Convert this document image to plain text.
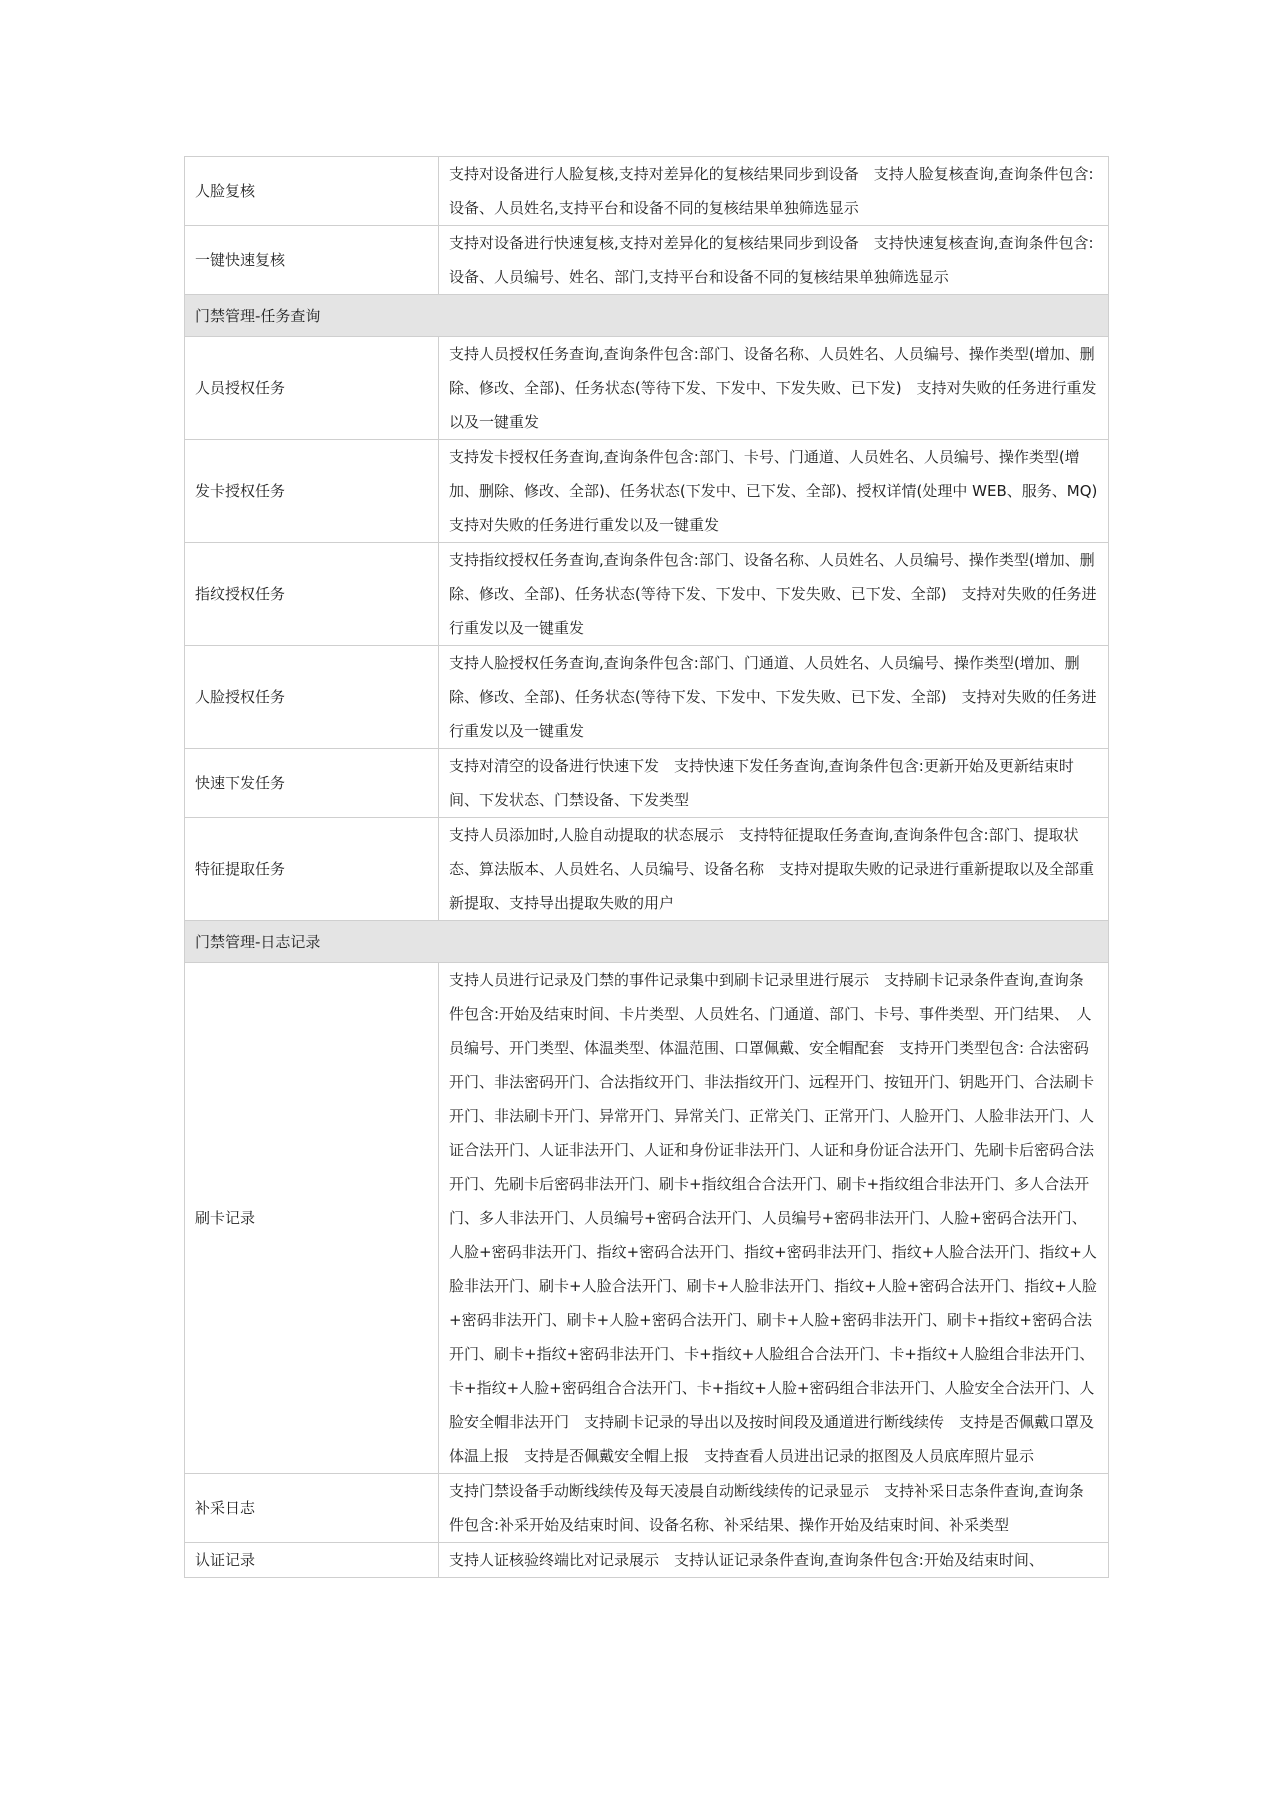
人脸复核	支持对设备进行人脸复核,支持对差异化的复核结果同步到设备　支持人脸复核查询,查询条件包含:设备、人员姓名,支持平台和设备不同的复核结果单独筛选显示
一键快速复核	支持对设备进行快速复核,支持对差异化的复核结果同步到设备　支持快速复核查询,查询条件包含:设备、人员编号、姓名、部门,支持平台和设备不同的复核结果单独筛选显示
门禁管理-任务查询	
人员授权任务	支持人员授权任务查询,查询条件包含:部门、设备名称、人员姓名、人员编号、操作类型(增加、删除、修改、全部)、任务状态(等待下发、下发中、下发失败、已下发)　支持对失败的任务进行重发以及一键重发
发卡授权任务	支持发卡授权任务查询,查询条件包含:部门、卡号、门通道、人员姓名、人员编号、操作类型(增加、删除、修改、全部)、任务状态(下发中、已下发、全部)、授权详情(处理中 WEB、服务、MQ)　支持对失败的任务进行重发以及一键重发
指纹授权任务	支持指纹授权任务查询,查询条件包含:部门、设备名称、人员姓名、人员编号、操作类型(增加、删除、修改、全部)、任务状态(等待下发、下发中、下发失败、已下发、全部)　支持对失败的任务进行重发以及一键重发
人脸授权任务	支持人脸授权任务查询,查询条件包含:部门、门通道、人员姓名、人员编号、操作类型(增加、删除、修改、全部)、任务状态(等待下发、下发中、下发失败、已下发、全部)　支持对失败的任务进行重发以及一键重发
快速下发任务	支持对清空的设备进行快速下发　支持快速下发任务查询,查询条件包含:更新开始及更新结束时间、下发状态、门禁设备、下发类型
特征提取任务	支持人员添加时,人脸自动提取的状态展示　支持特征提取任务查询,查询条件包含:部门、提取状态、算法版本、人员姓名、人员编号、设备名称　支持对提取失败的记录进行重新提取以及全部重新提取、支持导出提取失败的用户
门禁管理-日志记录	
刷卡记录	支持人员进行记录及门禁的事件记录集中到刷卡记录里进行展示　支持刷卡记录条件查询,查询条件包含:开始及结束时间、卡片类型、人员姓名、门通道、部门、卡号、事件类型、开门结果、　人员编号、开门类型、体温类型、体温范围、口罩佩戴、安全帽配套　支持开门类型包含: 合法密码开门、非法密码开门、合法指纹开门、非法指纹开门、远程开门、按钮开门、钥匙开门、合法刷卡开门、非法刷卡开门、异常开门、异常关门、正常关门、正常开门、人脸开门、人脸非法开门、人证合法开门、人证非法开门、人证和身份证非法开门、人证和身份证合法开门、先刷卡后密码合法开门、先刷卡后密码非法开门、刷卡+指纹组合合法开门、刷卡+指纹组合非法开门、多人合法开门、多人非法开门、人员编号+密码合法开门、人员编号+密码非法开门、人脸+密码合法开门、人脸+密码非法开门、指纹+密码合法开门、指纹+密码非法开门、指纹+人脸合法开门、指纹+人脸非法开门、刷卡+人脸合法开门、刷卡+人脸非法开门、指纹+人脸+密码合法开门、指纹+人脸+密码非法开门、刷卡+人脸+密码合法开门、刷卡+人脸+密码非法开门、刷卡+指纹+密码合法开门、刷卡+指纹+密码非法开门、卡+指纹+人脸组合合法开门、卡+指纹+人脸组合非法开门、卡+指纹+人脸+密码组合合法开门、卡+指纹+人脸+密码组合非法开门、人脸安全合法开门、人脸安全帽非法开门　支持刷卡记录的导出以及按时间段及通道进行断线续传　支持是否佩戴口罩及体温上报　支持是否佩戴安全帽上报　支持查看人员进出记录的抠图及人员底库照片显示
补采日志	支持门禁设备手动断线续传及每天凌晨自动断线续传的记录显示　支持补采日志条件查询,查询条件包含:补采开始及结束时间、设备名称、补采结果、操作开始及结束时间、补采类型
认证记录	支持人证核验终端比对记录展示　支持认证记录条件查询,查询条件包含:开始及结束时间、
